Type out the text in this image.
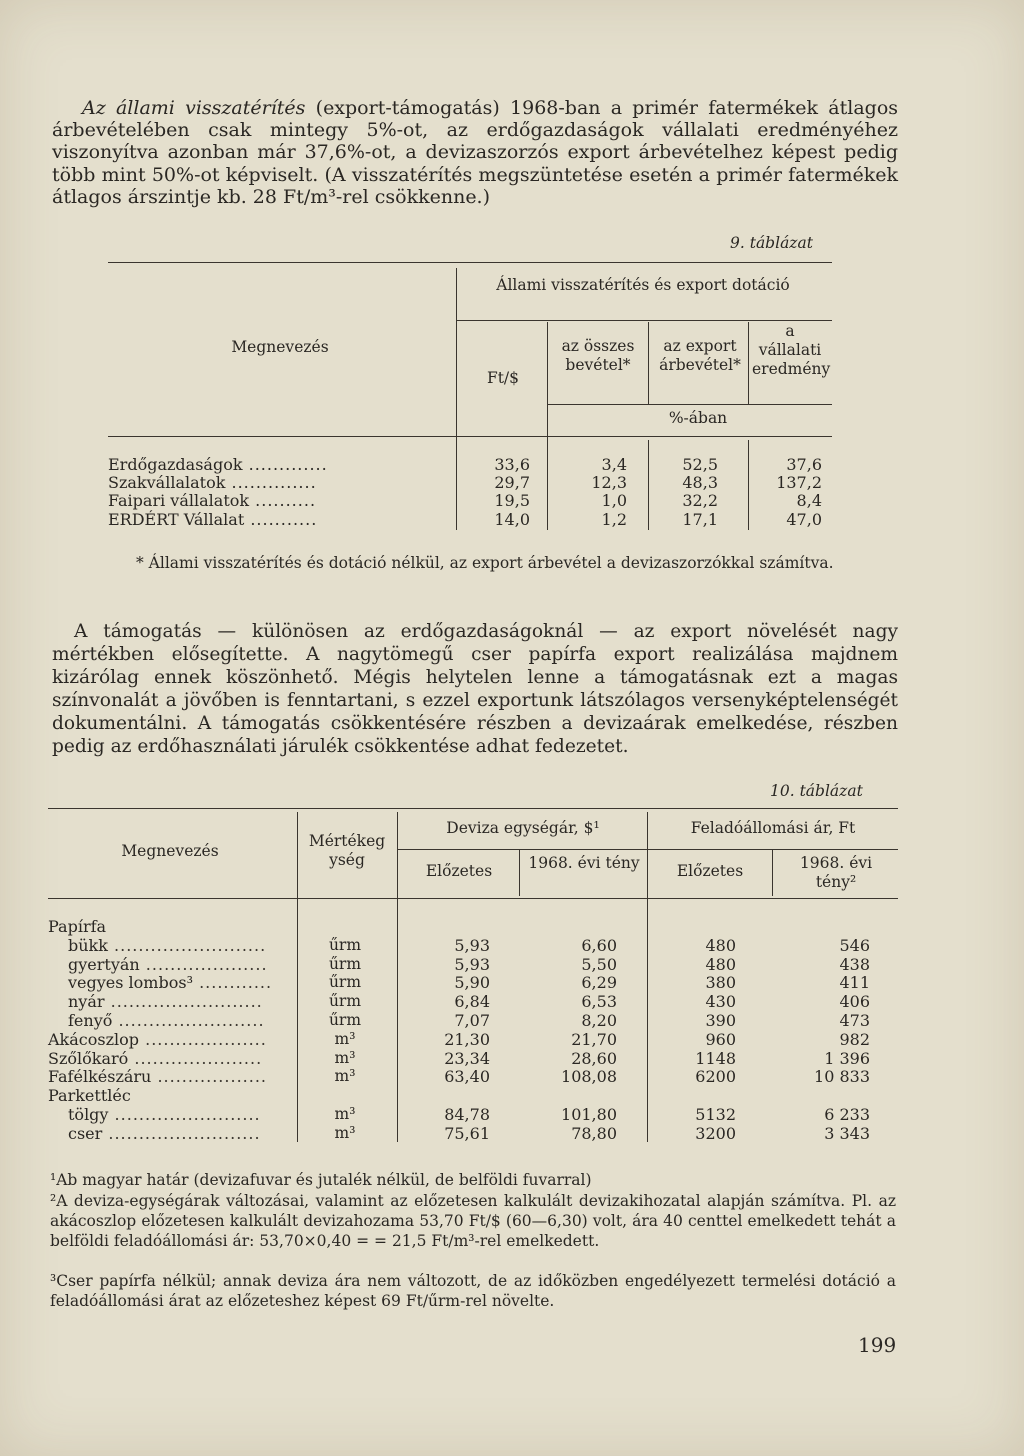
Az állami visszatérítés (export-támogatás) 1968-ban a primér fatermékek átlagos árbevételében csak mintegy 5%-ot, az erdőgazdaságok vállalati eredményéhez viszonyítva azonban már 37,6%-ot, a devizaszorzós export árbevételhez képest pedig több mint 50%-ot képviselt. (A visszatérítés megszüntetése esetén a primér fatermékek átlagos árszintje kb. 28 Ft/m³-rel csökkenne.)

9. táblázat
Megnevezés
Állami visszatérítés és export dotáció
Ft/$
az összes bevétel*
az export árbevétel*
a vállalati eredmény
%-ában
Erdőgazdaságok .............	33,6	3,4	52,5	37,6
Szakvállalatok ..............	29,7	12,3	48,3	137,2
Faipari vállalatok ..........	19,5	1,0	32,2	8,4
ERDÉRT Vállalat ...........	14,0	1,2	17,1	47,0

* Állami visszatérítés és dotáció nélkül, az export árbevétel a devizaszorzókkal számítva.

A támogatás — különösen az erdőgazdaságoknál — az export növelését nagy mértékben elősegítette. A nagytömegű cser papírfa export realizálása majdnem kizárólag ennek köszönhető. Mégis helytelen lenne a támogatásnak ezt a magas színvonalát a jövőben is fenntartani, s ezzel exportunk látszólagos versenyképtelenségét dokumentálni. A támogatás csökkentésére részben a devizaárak emelkedése, részben pedig az erdőhasználati járulék csökkentése adhat fedezetet.

10. táblázat
Megnevezés
Mértékegység
Deviza egységár, $¹	Feladóállomási ár, Ft
Előzetes	1968. évi tény	Előzetes	1968. évi tény²
Papírfa
bükk .........................	űrm	5,93	6,60	480	546
gyertyán ....................	űrm	5,93	5,50	480	438
vegyes lombos³ ............	űrm	5,90	6,29	380	411
nyár .........................	űrm	6,84	6,53	430	406
fenyő ........................	űrm	7,07	8,20	390	473
Akácoszlop ....................	m³	21,30	21,70	960	982
Szőlőkaró .....................	m³	23,34	28,60	1148	1 396
Fafélkészáru ..................	m³	63,40	108,08	6200	10 833
Parkettléc
tölgy ........................	m³	84,78	101,80	5132	6 233
cser .........................	m³	75,61	78,80	3200	3 343

¹Ab magyar határ (devizafuvar és jutalék nélkül, de belföldi fuvarral)

²A deviza-egységárak változásai, valamint az előzetesen kalkulált devizakihozatal alapján számítva. Pl. az akácoszlop előzetesen kalkulált devizahozama 53,70 Ft/$ (60—6,30) volt, ára 40 centtel emelkedett tehát a belföldi feladóállomási ár: 53,70×0,40 = = 21,5 Ft/m³-rel emelkedett.

³Cser papírfa nélkül; annak deviza ára nem változott, de az időközben engedélyezett termelési dotáció a feladóállomási árat az előzeteshez képest 69 Ft/űrm-rel növelte.

199
